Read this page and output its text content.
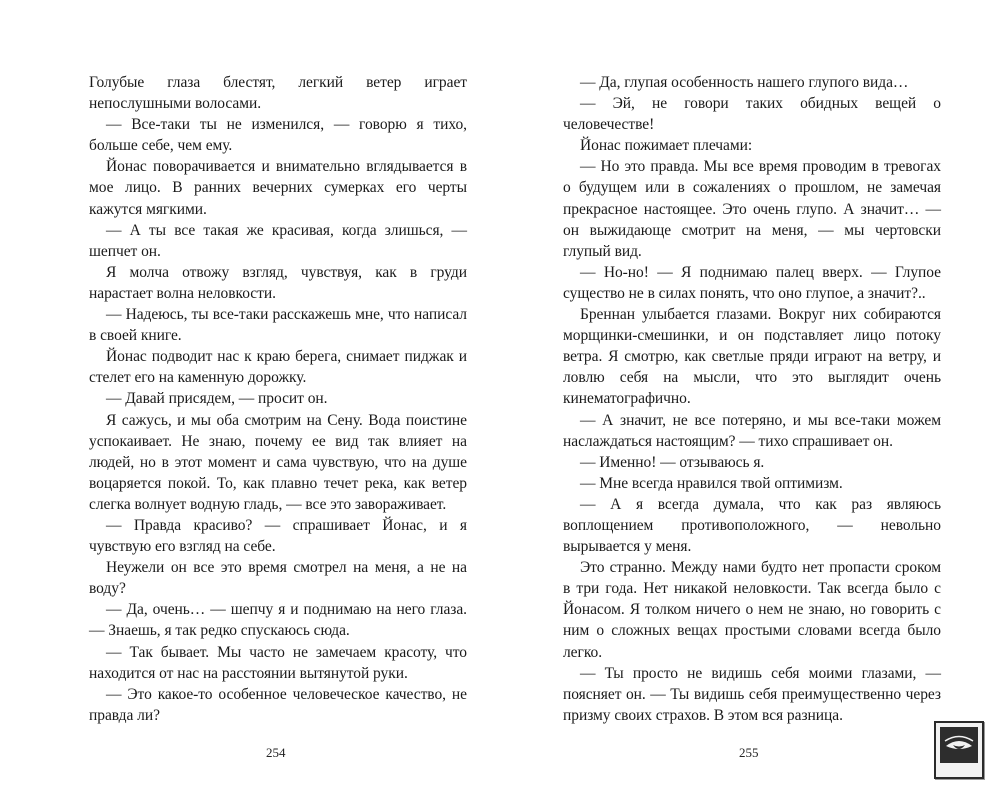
Голубые глаза блестят, легкий ветер играет непослушными волосами.

— Все-таки ты не изменился, — говорю я тихо, больше себе, чем ему.

Йонас поворачивается и внимательно вглядывается в мое лицо. В ранних вечерних сумерках его черты кажутся мягкими.

— А ты все такая же красивая, когда злишься, — шепчет он.

Я молча отвожу взгляд, чувствуя, как в груди нарастает волна неловкости.

— Надеюсь, ты все-таки расскажешь мне, что написал в своей книге.

Йонас подводит нас к краю берега, снимает пиджак и стелет его на каменную дорожку.

— Давай присядем, — просит он.

Я сажусь, и мы оба смотрим на Сену. Вода поистине успокаивает. Не знаю, почему ее вид так влияет на людей, но в этот момент и сама чувствую, что на душе воцаряется покой. То, как плавно течет река, как ветер слегка волнует водную гладь, — все это завораживает.

— Правда красиво? — спрашивает Йонас, и я чувствую его взгляд на себе.

Неужели он все это время смотрел на меня, а не на воду?

— Да, очень… — шепчу я и поднимаю на него глаза. — Знаешь, я так редко спускаюсь сюда.

— Так бывает. Мы часто не замечаем красоту, что находится от нас на расстоянии вытянутой руки.

— Это какое-то особенное человеческое качество, не правда ли?

— Да, глупая особенность нашего глупого вида…

— Эй, не говори таких обидных вещей о человечестве!

Йонас пожимает плечами:

— Но это правда. Мы все время проводим в тревогах о будущем или в сожалениях о прошлом, не замечая прекрасное настоящее. Это очень глупо. А значит… — он выжидающе смотрит на меня, — мы чертовски глупый вид.

— Но-но! — Я поднимаю палец вверх. — Глупое существо не в силах понять, что оно глупое, а значит?..

Бреннан улыбается глазами. Вокруг них собираются морщинки-смешинки, и он подставляет лицо потоку ветра. Я смотрю, как светлые пряди играют на ветру, и ловлю себя на мысли, что это выглядит очень кинематографично.

— А значит, не все потеряно, и мы все-таки можем наслаждаться настоящим? — тихо спрашивает он.

— Именно! — отзываюсь я.

— Мне всегда нравился твой оптимизм.

— А я всегда думала, что как раз являюсь воплощением противоположного, — невольно вырывается у меня.

Это странно. Между нами будто нет пропасти сроком в три года. Нет никакой неловкости. Так всегда было с Йонасом. Я толком ничего о нем не знаю, но говорить с ним о сложных вещах простыми словами всегда было легко.

— Ты просто не видишь себя моими глазами, — поясняет он. — Ты видишь себя преимущественно через призму своих страхов. В этом вся разница.

254	255
